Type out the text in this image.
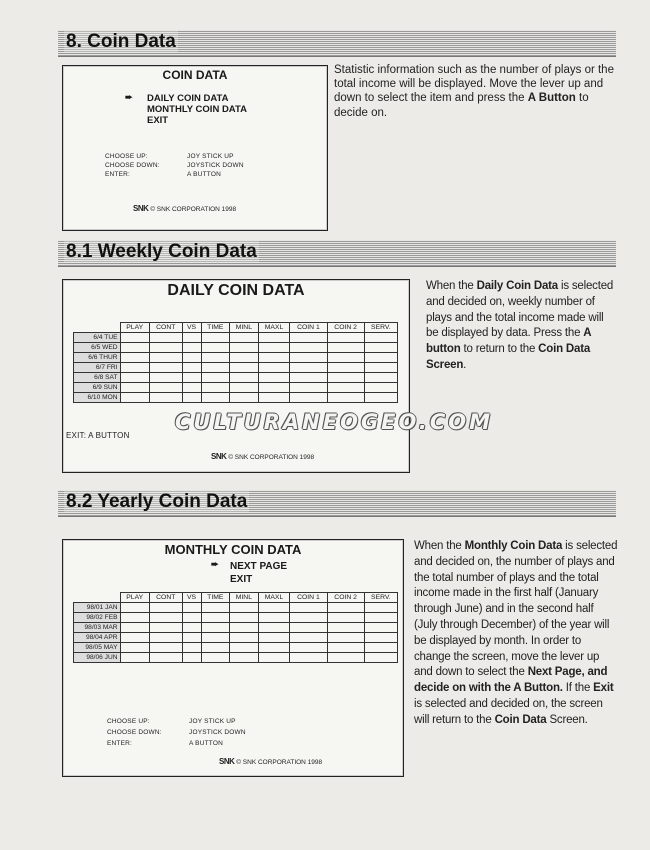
8. Coin Data
COIN DATA
➨ DAILY COIN DATA
MONTHLY COIN DATA
EXIT
CHOOSE UP:	JOY STICK UP
CHOOSE DOWN:	JOYSTICK DOWN
ENTER:	A BUTTON
SNK © SNK CORPORATION 1998
Statistic information such as the number of plays or the total income will be displayed. Move the lever up and down to select the item and press the A Button to decide on.
8.1 Weekly Coin Data
DAILY COIN DATA
	PLAY	CONT	VS	TIME	MINL	MAXL	COIN 1	COIN 2	SERV.
6/4 TUE									
6/5 WED									
6/6 THUR									
6/7 FRI									
6/8 SAT									
6/9 SUN									
6/10 MON									
EXIT: A BUTTON
SNK © SNK CORPORATION 1998
When the Daily Coin Data is selected and decided on, weekly number of plays and the total income made will be displayed by data. Press the A button to return to the Coin Data Screen.
CULTURANEOGEO.COM
8.2 Yearly Coin Data
MONTHLY COIN DATA
➨ NEXT PAGE
EXIT
	PLAY	CONT	VS	TIME	MINL	MAXL	COIN 1	COIN 2	SERV.
98/01 JAN									
98/02 FEB									
98/03 MAR									
98/04 APR									
98/05 MAY									
98/06 JUN									
CHOOSE UP:	JOY STICK UP
CHOOSE DOWN:	JOYSTICK DOWN
ENTER:	A BUTTON
SNK © SNK CORPORATION 1998
When the Monthly Coin Data is selected and decided on, the number of plays and the total number of plays and the total income made in the first half (January through June) and in the second half (July through December) of the year will be displayed by month. In order to change the screen, move the lever up and down to select the Next Page, and decide on with the A Button. If the Exit is selected and decided on, the screen will return to the Coin Data Screen.
